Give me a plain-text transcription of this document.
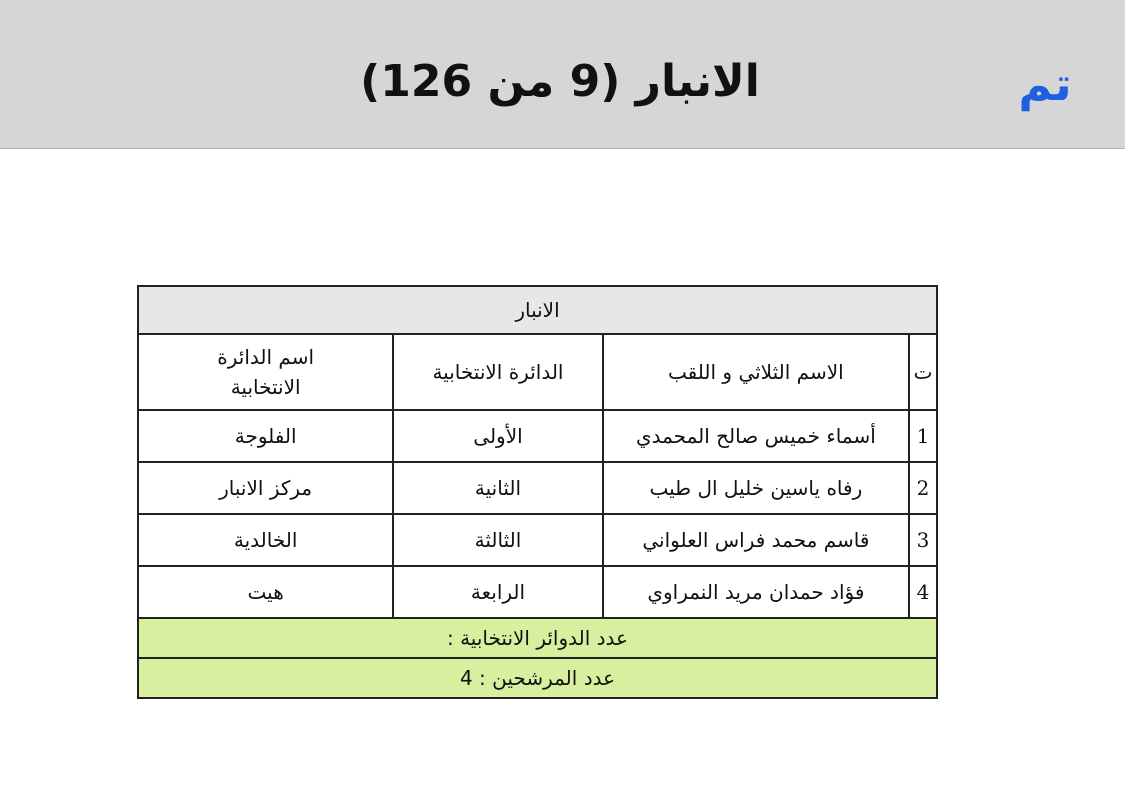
الانبار (9 من 126)	تم
الانبار			
ت	الاسم الثلاثي و اللقب	الدائرة الانتخابية	اسم الدائرة الانتخابية

1	أسماء خميس صالح المحمدي	الأولى	الفلوجة
2	رفاه ياسين خليل ال طيب	الثانية	مركز الانبار
3	قاسم محمد فراس العلواني	الثالثة	الخالدية
4	فؤاد حمدان مريد النمراوي	الرابعة	هيت
عدد الدوائر الانتخابية :			
عدد المرشحين : 4			
